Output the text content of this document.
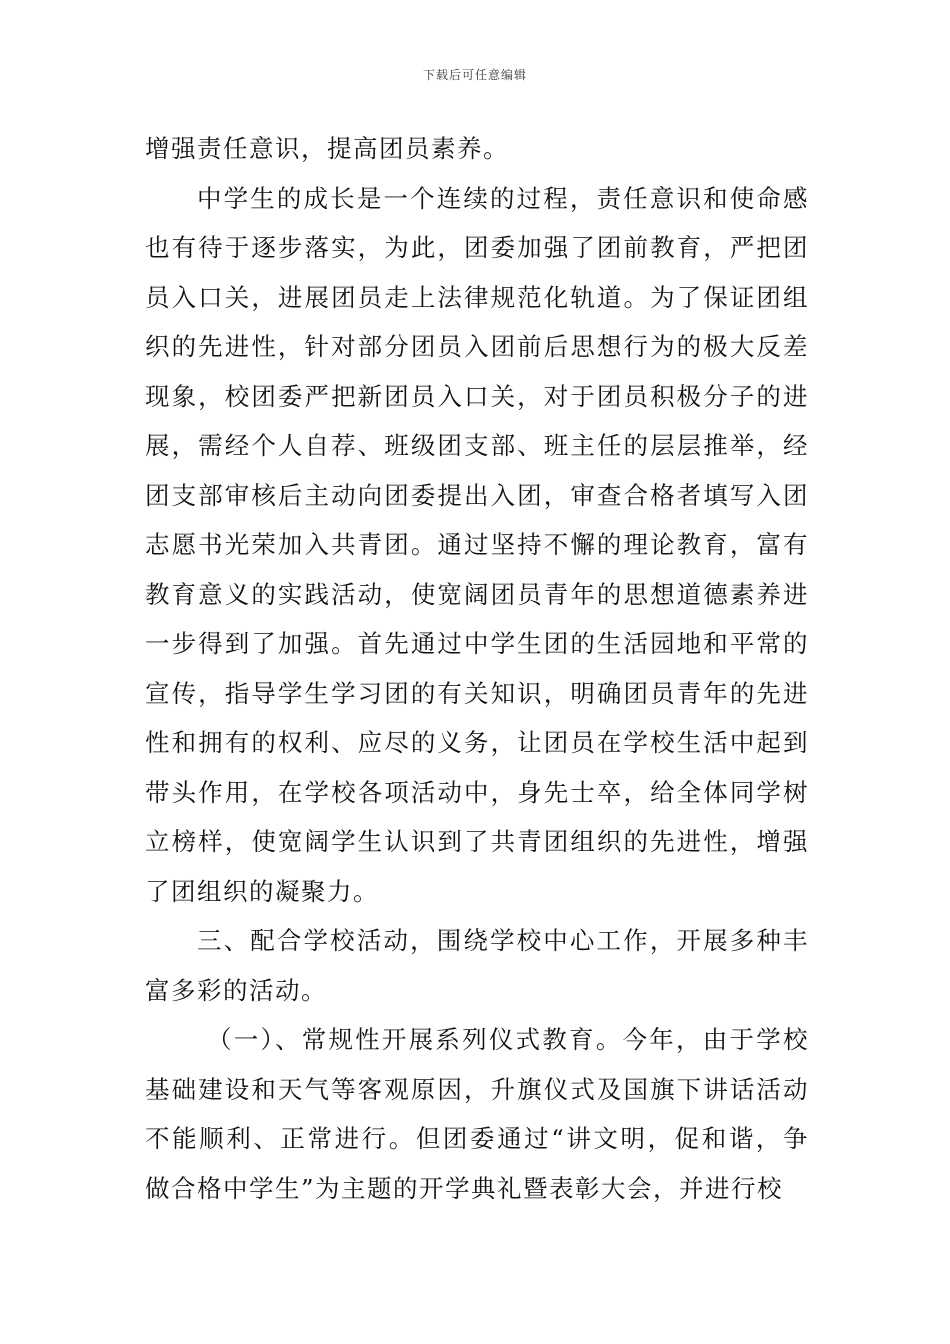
下载后可任意编辑

增强责任意识，提高团员素养。

中学生的成长是一个连续的过程，责任意识和使命感也有待于逐步落实，为此，团委加强了团前教育，严把团员入口关，进展团员走上法律规范化轨道。为了保证团组织的先进性，针对部分团员入团前后思想行为的极大反差现象，校团委严把新团员入口关，对于团员积极分子的进展，需经个人自荐、班级团支部、班主任的层层推举，经团支部审核后主动向团委提出入团，审查合格者填写入团志愿书光荣加入共青团。通过坚持不懈的理论教育，富有教育意义的实践活动，使宽阔团员青年的思想道德素养进一步得到了加强。首先通过中学生团的生活园地和平常的宣传，指导学生学习团的有关知识，明确团员青年的先进性和拥有的权利、应尽的义务，让团员在学校生活中起到带头作用，在学校各项活动中，身先士卒，给全体同学树立榜样，使宽阔学生认识到了共青团组织的先进性，增强了团组织的凝聚力。

三、配合学校活动，围绕学校中心工作，开展多种丰富多彩的活动。

（一）、常规性开展系列仪式教育。今年，由于学校基础建设和天气等客观原因，升旗仪式及国旗下讲话活动不能顺利、正常进行。但团委通过“讲文明，促和谐，争做合格中学生”为主题的开学典礼暨表彰大会，并进行校
